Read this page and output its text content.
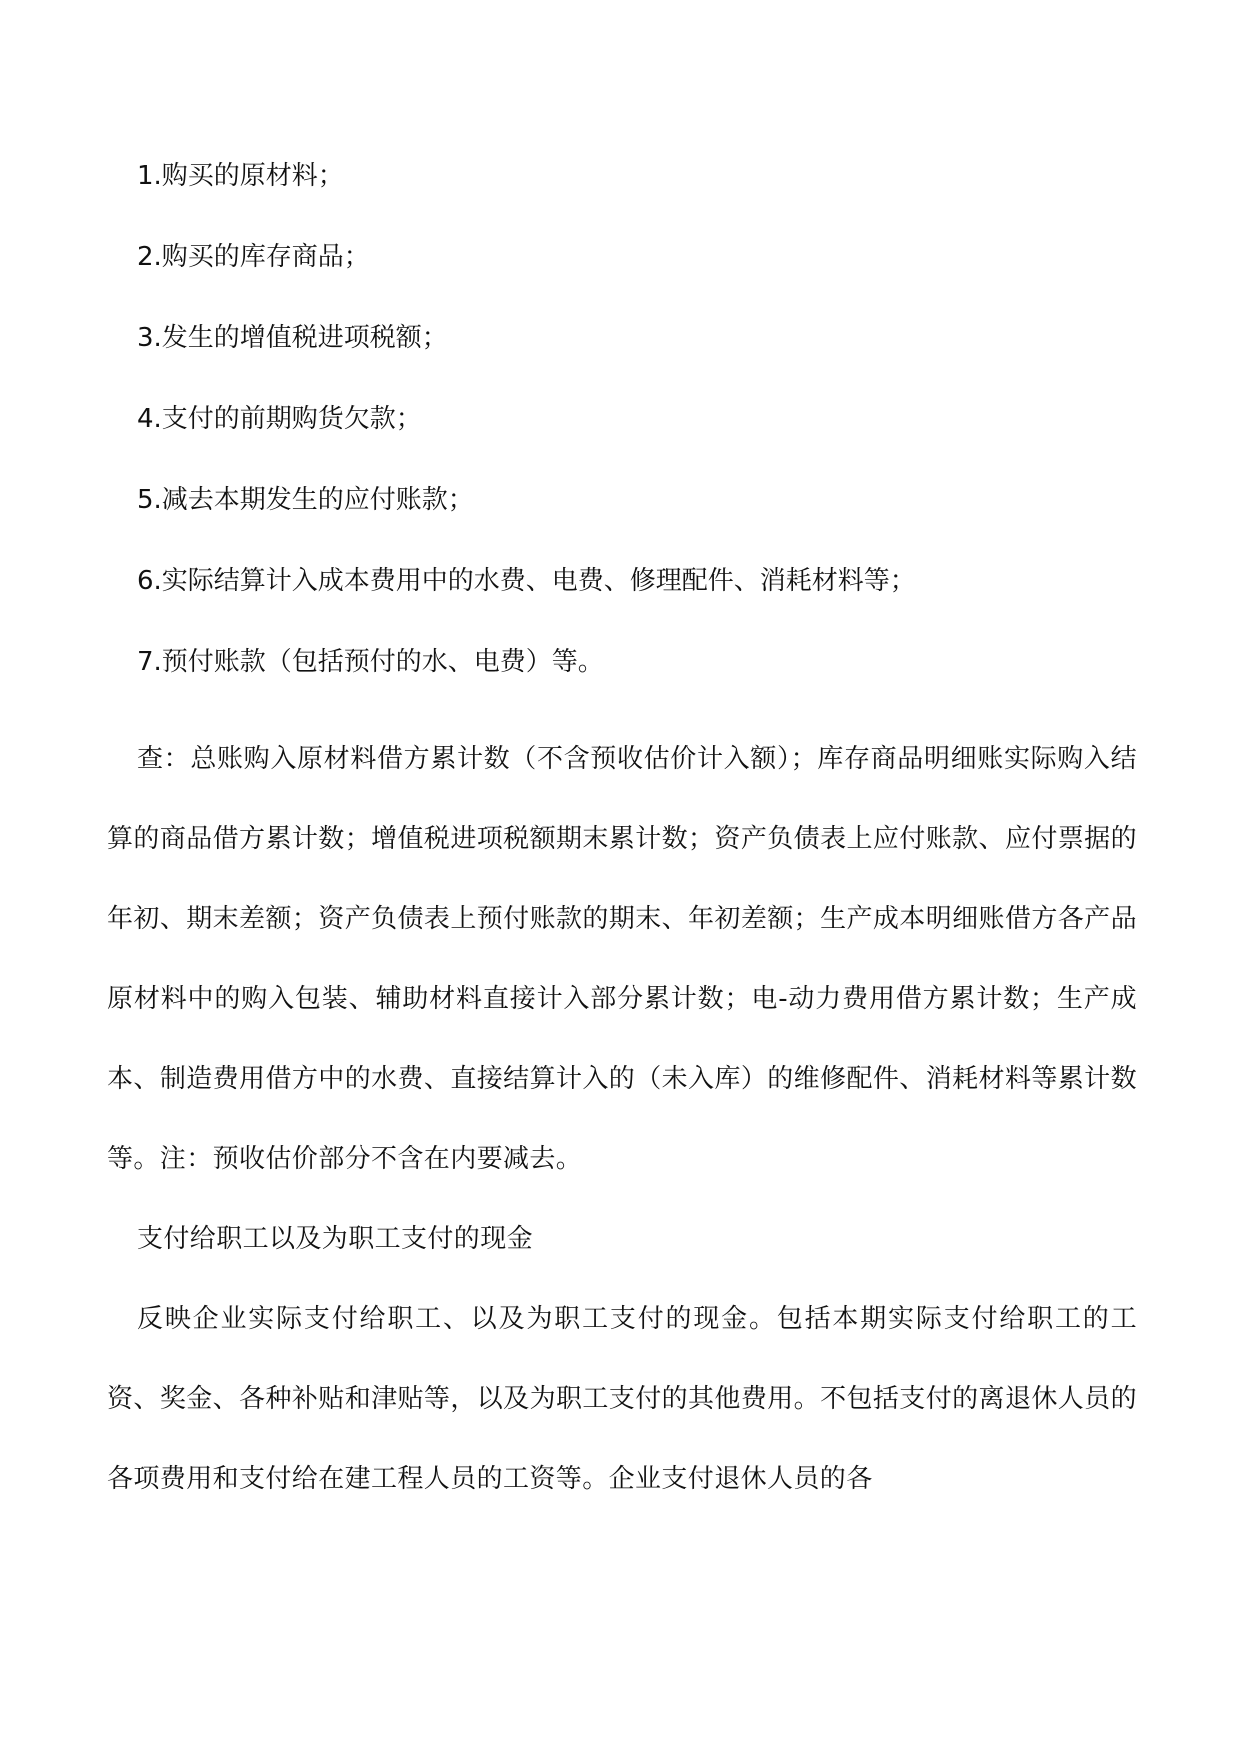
1.购买的原材料；
2.购买的库存商品；
3.发生的增值税进项税额；
4.支付的前期购货欠款；
5.减去本期发生的应付账款；
6.实际结算计入成本费用中的水费、电费、修理配件、消耗材料等；
7.预付账款（包括预付的水、电费）等。

查：总账购入原材料借方累计数（不含预收估价计入额）；库存商品明细账实际购入结算的商品借方累计数；增值税进项税额期末累计数；资产负债表上应付账款、应付票据的年初、期末差额；资产负债表上预付账款的期末、年初差额；生产成本明细账借方各产品原材料中的购入包装、辅助材料直接计入部分累计数；电-动力费用借方累计数；生产成本、制造费用借方中的水费、直接结算计入的（未入库）的维修配件、消耗材料等累计数等。注：预收估价部分不含在内要减去。

支付给职工以及为职工支付的现金

反映企业实际支付给职工、以及为职工支付的现金。包括本期实际支付给职工的工资、奖金、各种补贴和津贴等，以及为职工支付的其他费用。不包括支付的离退休人员的各项费用和支付给在建工程人员的工资等。企业支付退休人员的各
